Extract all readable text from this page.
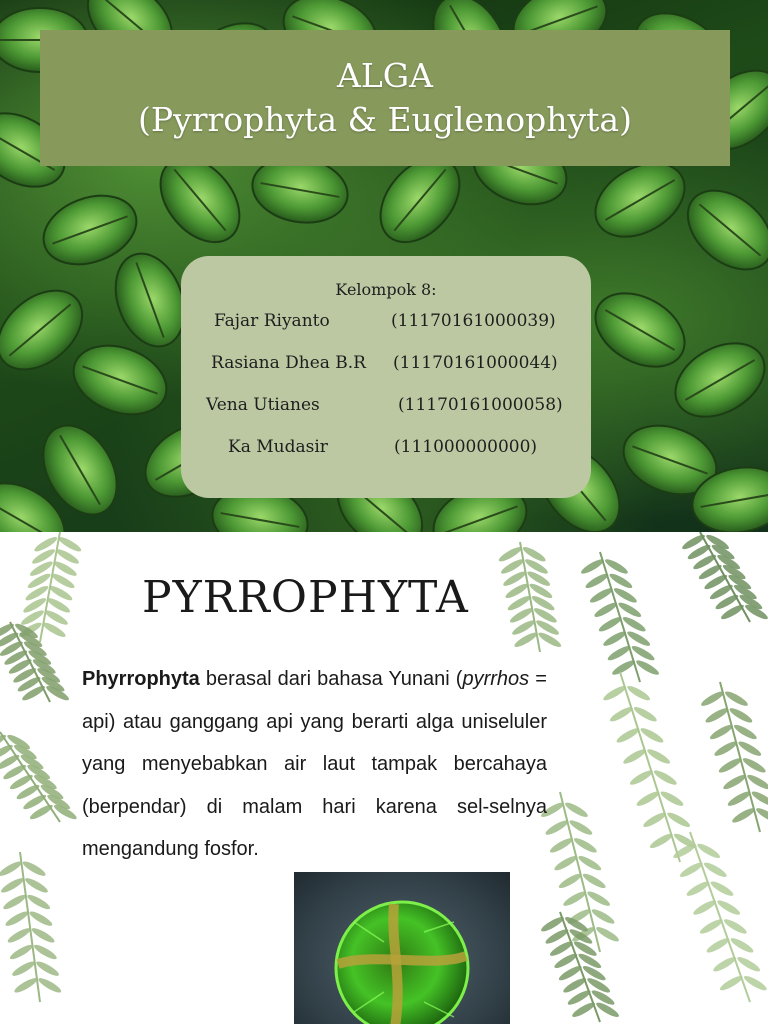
ALGA
(Pyrrophyta & Euglenophyta)
Kelompok 8:
Fajar Riyanto	(11170161000039)
Rasiana Dhea B.R (11170161000044)
Vena Utianes	(11170161000058)
Ka Mudasir	(111000000000)
PYRROPHYTA

Phyrrophyta berasal dari bahasa Yunani (pyrrhos = api) atau ganggang api yang berarti alga uniseluler yang menyebabkan air laut tampak bercahaya (berpendar) di malam hari karena sel-selnya mengandung fosfor.
